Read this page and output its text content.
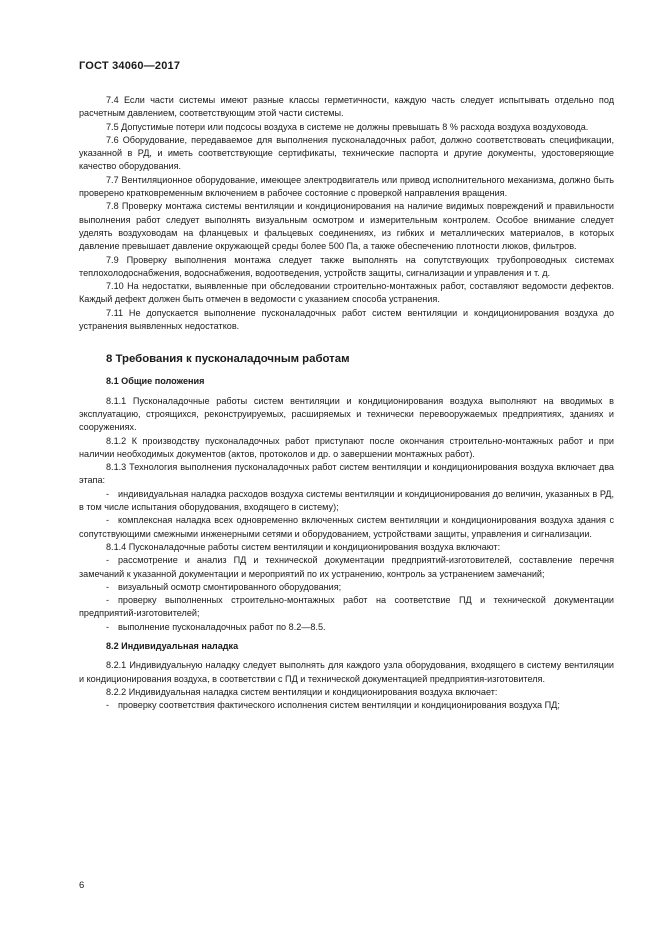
ГОСТ 34060—2017

7.4 Если части системы имеют разные классы герметичности, каждую часть следует испытывать отдельно под расчетным давлением, соответствующим этой части системы.

7.5 Допустимые потери или подсосы воздуха в системе не должны превышать 8 % расхода воздуха воздуховода.

7.6 Оборудование, передаваемое для выполнения пусконаладочных работ, должно соответствовать спецификации, указанной в РД, и иметь соответствующие сертификаты, технические паспорта и другие документы, удостоверяющие качество оборудования.

7.7 Вентиляционное оборудование, имеющее электродвигатель или привод исполнительного механизма, должно быть проверено кратковременным включением в рабочее состояние с проверкой направления вращения.

7.8 Проверку монтажа системы вентиляции и кондиционирования на наличие видимых повреждений и правильности выполнения работ следует выполнять визуальным осмотром и измерительным контролем. Особое внимание следует уделять воздуховодам на фланцевых и фальцевых соединениях, из гибких и металлических материалов, в которых давление превышает давление окружающей среды более 500 Па, а также обеспечению плотности люков, фильтров.

7.9 Проверку выполнения монтажа следует также выполнять на сопутствующих трубопроводных системах теплохолодоснабжения, водоснабжения, водоотведения, устройств защиты, сигнализации и управления и т. д.

7.10 На недостатки, выявленные при обследовании строительно-монтажных работ, составляют ведомости дефектов. Каждый дефект должен быть отмечен в ведомости с указанием способа устранения.

7.11 Не допускается выполнение пусконаладочных работ систем вентиляции и кондиционирования воздуха до устранения выявленных недостатков.

8 Требования к пусконаладочным работам
8.1 Общие положения

8.1.1 Пусконаладочные работы систем вентиляции и кондиционирования воздуха выполняют на вводимых в эксплуатацию, строящихся, реконструируемых, расширяемых и технически перевооружаемых предприятиях, зданиях и сооружениях.

8.1.2 К производству пусконаладочных работ приступают после окончания строительно-монтажных работ и при наличии необходимых документов (актов, протоколов и др. о завершении монтажных работ).

8.1.3 Технология выполнения пусконаладочных работ систем вентиляции и кондиционирования воздуха включает два этапа:

- индивидуальная наладка расходов воздуха системы вентиляции и кондиционирования до величин, указанных в РД, в том числе испытания оборудования, входящего в систему);

- комплексная наладка всех одновременно включенных систем вентиляции и кондиционирования воздуха здания с сопутствующими смежными инженерными сетями и оборудованием, устройствами защиты, управления и сигнализации.

8.1.4 Пусконаладочные работы систем вентиляции и кондиционирования воздуха включают:

- рассмотрение и анализ ПД и технической документации предприятий-изготовителей, составление перечня замечаний к указанной документации и мероприятий по их устранению, контроль за устранением замечаний;

- визуальный осмотр смонтированного оборудования;

- проверку выполненных строительно-монтажных работ на соответствие ПД и технической документации предприятий-изготовителей;

- выполнение пусконаладочных работ по 8.2—8.5.

8.2 Индивидуальная наладка

8.2.1 Индивидуальную наладку следует выполнять для каждого узла оборудования, входящего в систему вентиляции и кондиционирования воздуха, в соответствии с ПД и технической документацией предприятия-изготовителя.

8.2.2 Индивидуальная наладка систем вентиляции и кондиционирования воздуха включает:

- проверку соответствия фактического исполнения систем вентиляции и кондиционирования воздуха ПД;

6
